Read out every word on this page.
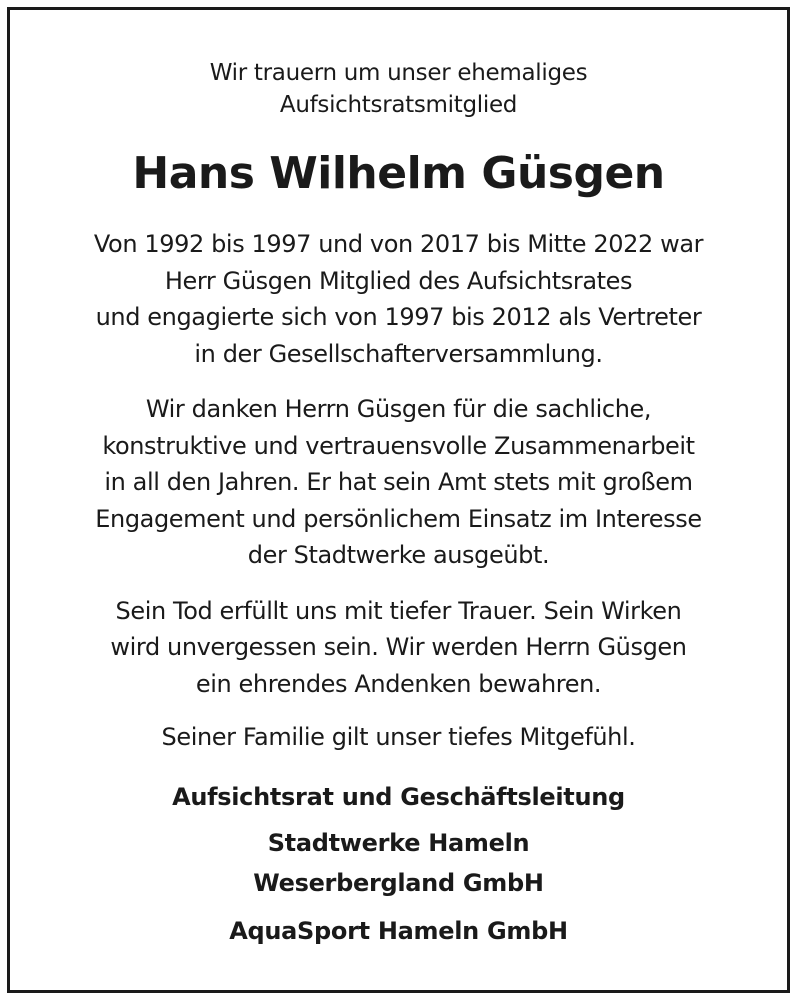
Wir trauern um unser ehemaliges
Aufsichtsratsmitglied
Hans Wilhelm Güsgen
Von 1992 bis 1997 und von 2017 bis Mitte 2022 war
Herr Güsgen Mitglied des Aufsichtsrates
und engagierte sich von 1997 bis 2012 als Vertreter
in der Gesellschafterversammlung.
Wir danken Herrn Güsgen für die sachliche,
konstruktive und vertrauensvolle Zusammenarbeit
in all den Jahren. Er hat sein Amt stets mit großem
Engagement und persönlichem Einsatz im Interesse
der Stadtwerke ausgeübt.
Sein Tod erfüllt uns mit tiefer Trauer. Sein Wirken
wird unvergessen sein. Wir werden Herrn Güsgen
ein ehrendes Andenken bewahren.
Seiner Familie gilt unser tiefes Mitgefühl.
Aufsichtsrat und Geschäftsleitung
Stadtwerke Hameln
Weserbergland GmbH
AquaSport Hameln GmbH
